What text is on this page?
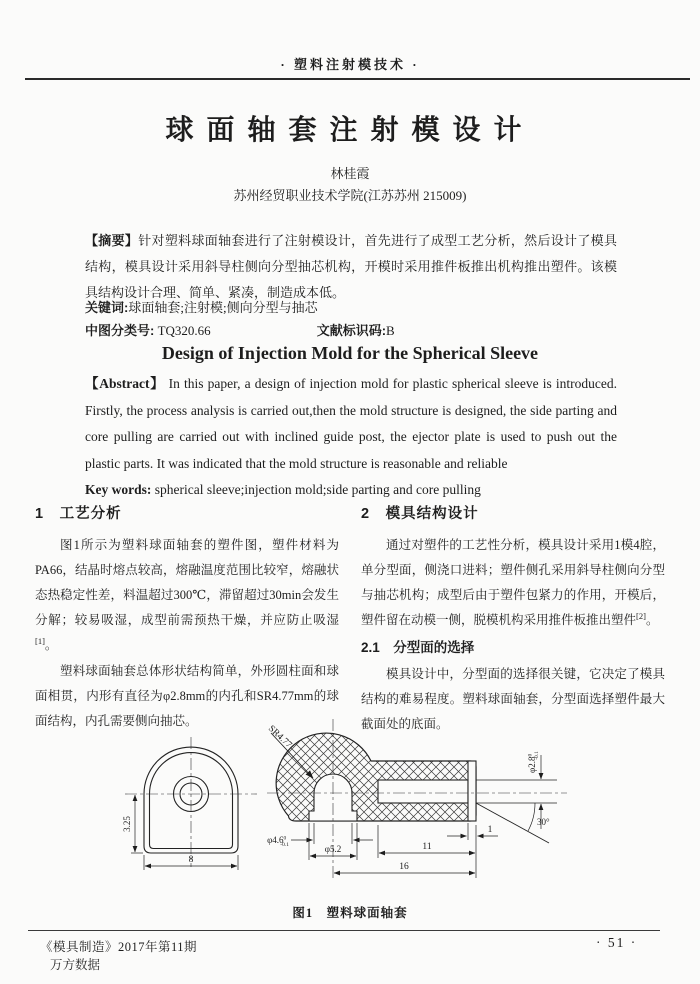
· 塑料注射模技术 ·
球面轴套注射模设计
林桂霞
苏州经贸职业技术学院(江苏苏州 215009)
【摘要】针对塑料球面轴套进行了注射模设计，首先进行了成型工艺分析，然后设计了模具结构，模具设计采用斜导柱侧向分型抽芯机构，开模时采用推件板推出机构推出塑件。该模具结构设计合理、简单、紧凑，制造成本低。
关键词:球面轴套;注射模;侧向分型与抽芯
中图分类号: TQ320.66	文献标识码:B
Design of Injection Mold for the Spherical Sleeve
【Abstract】 In this paper, a design of injection mold for plastic spherical sleeve is introduced. Firstly, the process analysis is carried out,then the mold structure is designed, the side parting and core pulling are carried out with inclined guide post, the ejector plate is used to push out the plastic parts. It was indicated that the mold structure is reasonable and reliable
Key words: spherical sleeve;injection mold;side parting and core pulling
1　工艺分析

图1所示为塑料球面轴套的塑件图，塑件材料为PA66，结晶时熔点较高，熔融温度范围比较窄，熔融状态热稳定性差，料温超过300℃，滞留超过30min会发生分解；较易吸湿，成型前需预热干燥，并应防止吸湿[1]。

塑料球面轴套总体形状结构简单，外形圆柱面和球面相贯，内形有直径为φ2.8mm的内孔和SR4.77mm的球面结构，内孔需要侧向抽芯。

2　模具结构设计

通过对塑件的工艺性分析，模具设计采用1模4腔，单分型面，侧浇口进料；塑件侧孔采用斜导柱侧向分型与抽芯机构；成型后由于塑件包紧力的作用，开模后，塑件留在动模一侧，脱模机构采用推件板推出塑件[2]。

2.1　分型面的选择

模具设计中，分型面的选择很关键，它决定了模具结构的难易程度。塑料球面轴套，分型面选择塑件最大截面处的底面。

3.25
8
SR4.77
$\varphi 4.6^0$ -0.1	φ5.2
$\varphi 2.8^0-0.1$
11
1
16
30°
图1　塑料球面轴套
《模具制造》2017年第11期
万方数据
· 51 ·
